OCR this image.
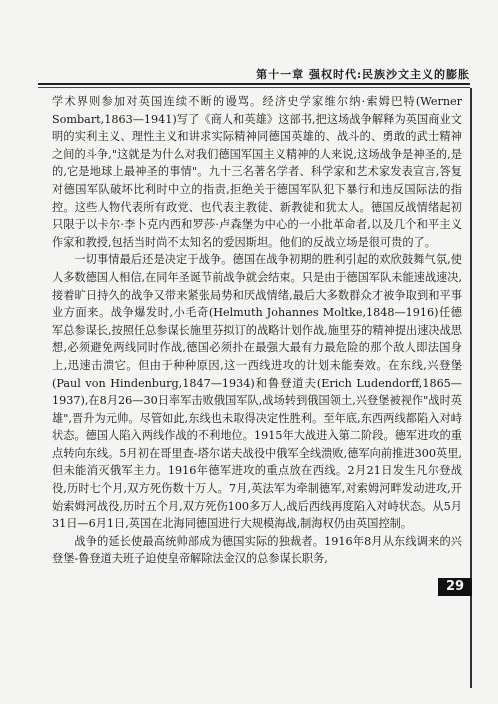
第十一章 强权时代:民族沙文主义的膨胀

学术界则参加对英国连续不断的谩骂。经济史学家维尔纳·索姆巴特(Werner Sombart,1863—1941)写了《商人和英雄》这部书,把这场战争解释为英国商业文明的实利主义、理性主义和讲求实际精神同德国英雄的、战斗的、勇敢的武士精神之间的斗争,"这就是为什么对我们德国军国主义精神的人来说,这场战争是神圣的,是的,它是地球上最神圣的事情"。九十三名著名学者、科学家和艺术家发表宣言,答复对德国军队破坏比利时中立的指责,拒绝关于德国军队犯下暴行和违反国际法的指控。这些人物代表所有政党、也代表主教徒、新教徒和犹太人。德国反战情绪起初只限于以卡尔·李卜克内西和罗莎·卢森堡为中心的一小批革命者,以及几个和平主义作家和教授,包括当时尚不太知名的爱因斯坦。他们的反战立场是很可贵的了。

一切事情最后还是决定于战争。德国在战争初期的胜利引起的欢欣鼓舞气氛,使人多数德国人相信,在同年圣诞节前战争就会结束。只是由于德国军队未能速战速决,接着旷日持久的战争又带来紧张局势和厌战情绪,最后大多数群众才被争取到和平事业方面来。战争爆发时,小毛奇(Helmuth Johannes Moltke,1848—1916)任德军总参谋长,按照任总参谋长施里芬拟订的战略计划作战,施里芬的精神提出速决战思想,必须避免两线同时作战,德国必须扑在最强大最有力最危险的那个敌人即法国身上,迅速击溃它。但由于种种原因,这一西线进攻的计划未能奏效。在东线,兴登堡(Paul von Hindenburg,1847—1934)和鲁登道夫(Erich Ludendorff,1865—1937),在8月26—30日率军击败俄国军队,战场转到俄国领土,兴登堡被视作"战时英雄",晋升为元帅。尽管如此,东线也未取得决定性胜利。至年底,东西两线都陷入对峙状态。德国人陷入两线作战的不利地位。1915年大战进入第二阶段。德军进攻的重点转向东线。5月初在哥里查-塔尔诺夫战役中俄军全线溃败,德军向前推进300英里,但未能消灭俄军主力。1916年德军进攻的重点放在西线。2月21日发生凡尔登战役,历时七个月,双方死伤数十万人。7月,英法军为牵制德军,对索姆河畔发动进攻,开始索姆河战役,历时五个月,双方死伤100多万人,战后西线再度陷入对峙状态。从5月31日—6月1日,英国在北海同德国进行大规模海战,制海权仍由英国控制。

战争的延长使最高统帅部成为德国实际的独裁者。1916年8月从东线调来的兴登堡-鲁登道夫班子迫使皇帝解除法金汉的总参谋长职务,

29
